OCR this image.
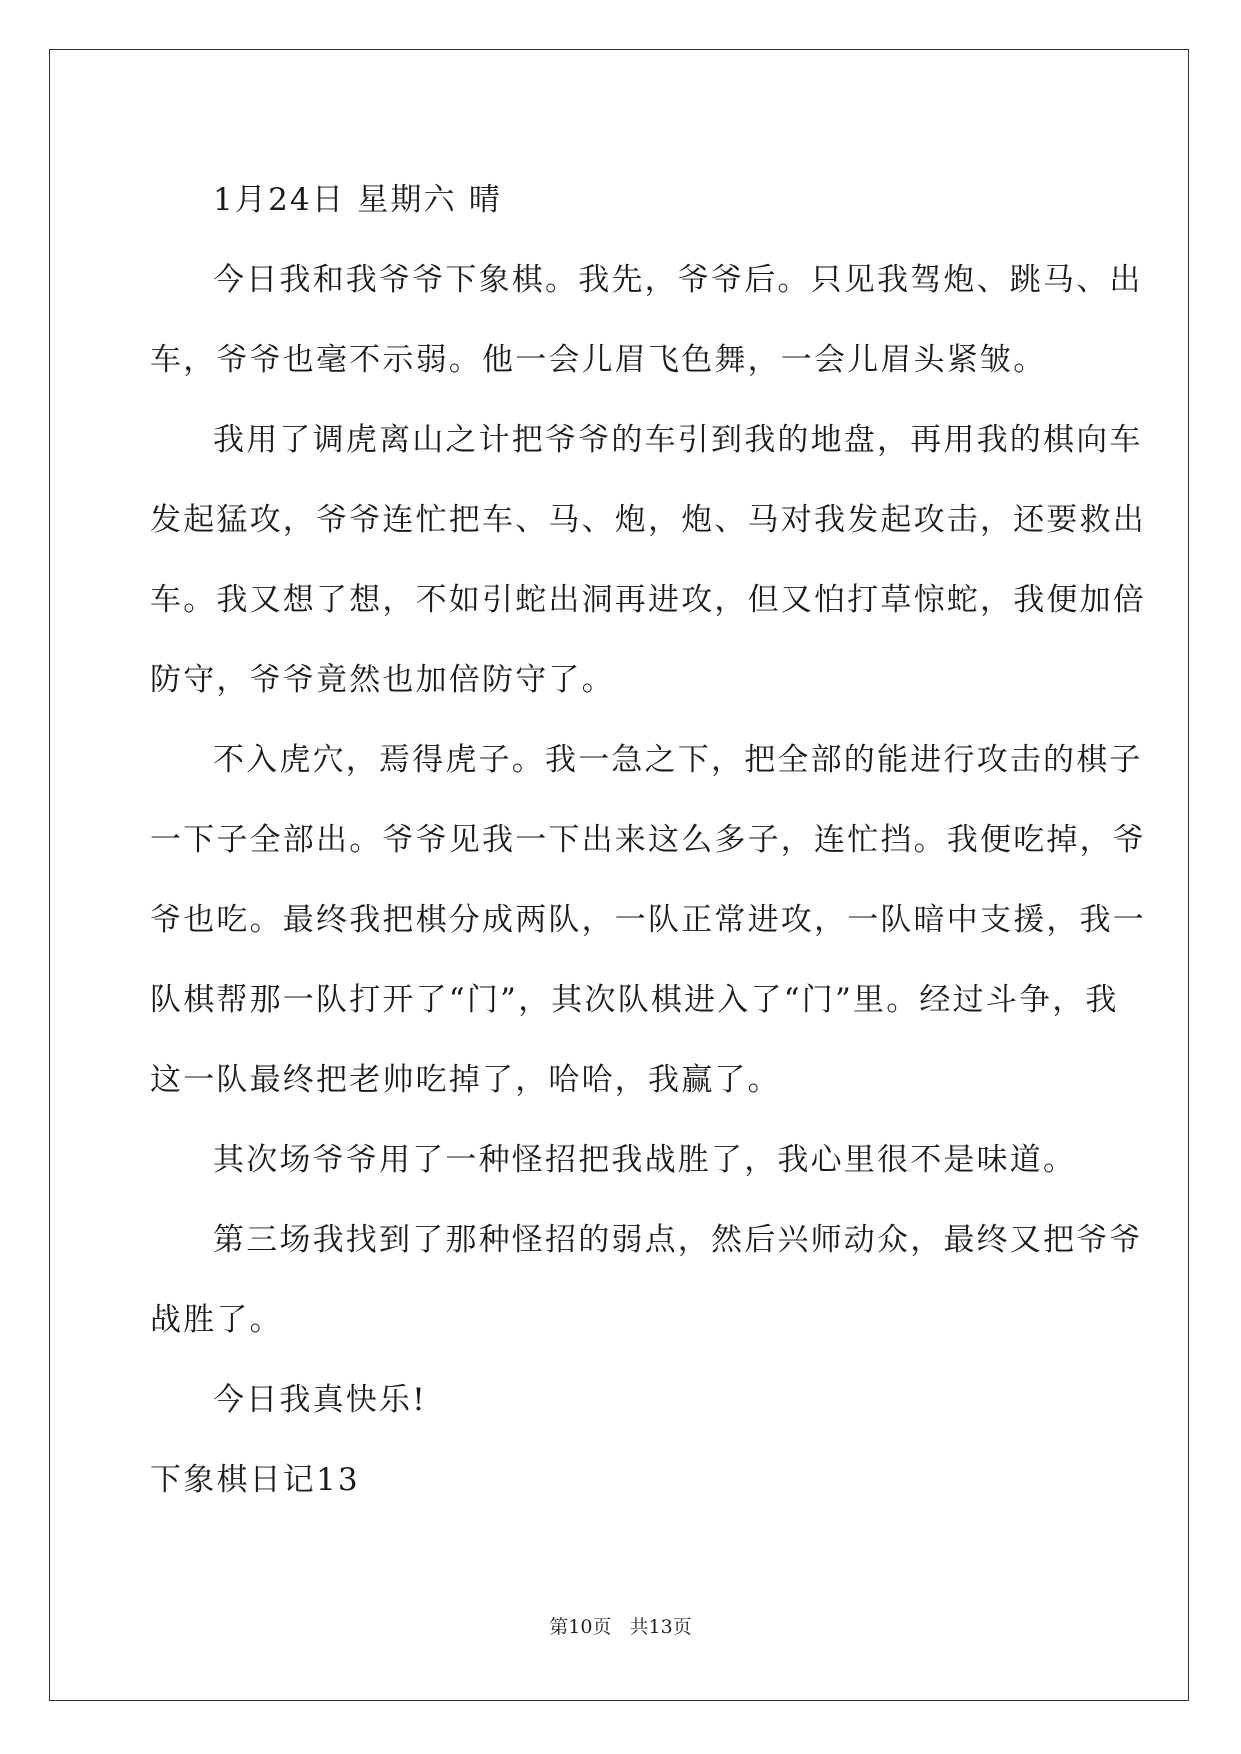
1月24日 星期六 晴
今日我和我爷爷下象棋。我先，爷爷后。只见我驾炮、跳马、出
车，爷爷也毫不示弱。他一会儿眉飞色舞，一会儿眉头紧皱。
我用了调虎离山之计把爷爷的车引到我的地盘，再用我的棋向车
发起猛攻，爷爷连忙把车、马、炮，炮、马对我发起攻击，还要救出
车。我又想了想，不如引蛇出洞再进攻，但又怕打草惊蛇，我便加倍
防守，爷爷竟然也加倍防守了。
不入虎穴，焉得虎子。我一急之下，把全部的能进行攻击的棋子
一下子全部出。爷爷见我一下出来这么多子，连忙挡。我便吃掉，爷
爷也吃。最终我把棋分成两队，一队正常进攻，一队暗中支援，我一
队棋帮那一队打开了“门”，其次队棋进入了“门”里。经过斗争，我
这一队最终把老帅吃掉了，哈哈，我赢了。
其次场爷爷用了一种怪招把我战胜了，我心里很不是味道。
第三场我找到了那种怪招的弱点，然后兴师动众，最终又把爷爷
战胜了。
今日我真快乐!
下象棋日记13
第10页 共13页
